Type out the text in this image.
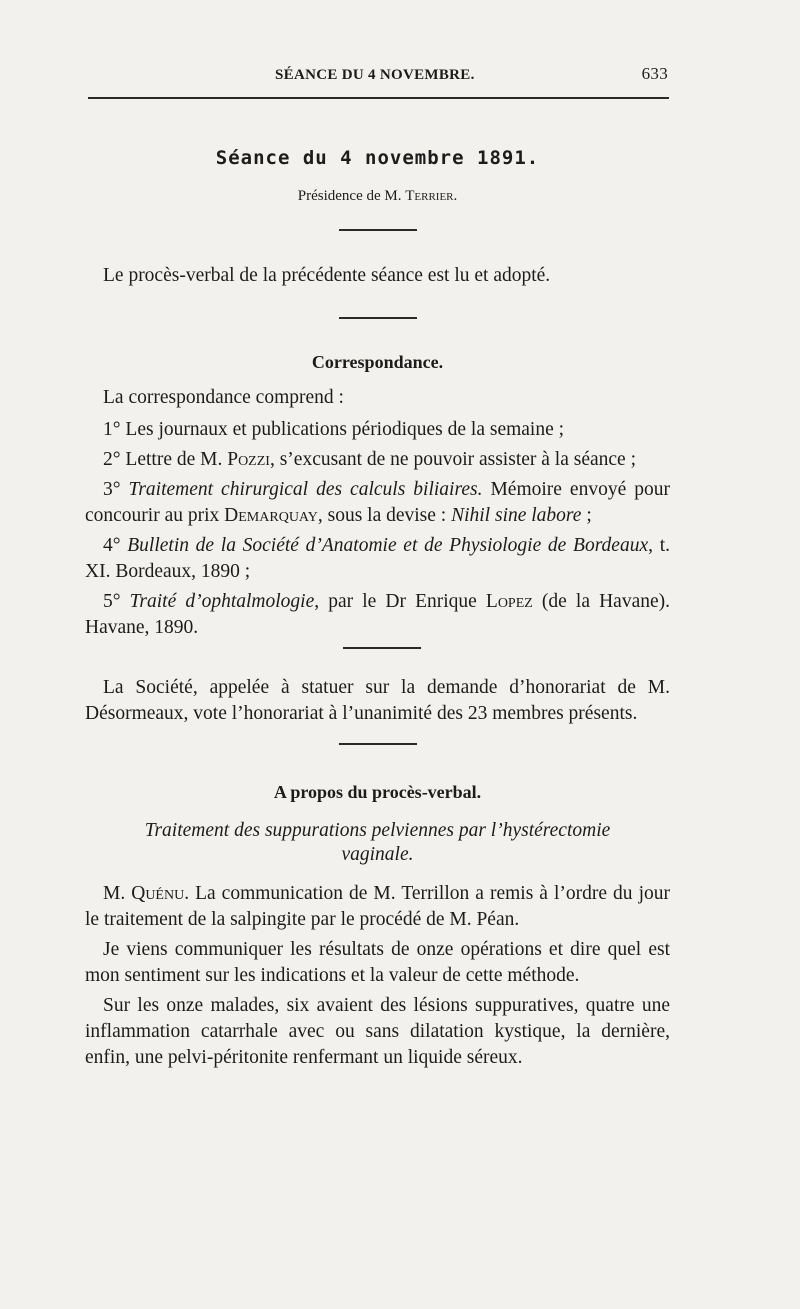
SÉANCE DU 4 NOVEMBRE.	633

Séance du 4 novembre 1891.

Présidence de M. Terrier.

Le procès-verbal de la précédente séance est lu et adopté.

Correspondance.

La correspondance comprend :

1° Les journaux et publications périodiques de la semaine ;

2° Lettre de M. Pozzi, s’excusant de ne pouvoir assister à la séance ;

3° Traitement chirurgical des calculs biliaires. Mémoire envoyé pour concourir au prix Demarquay, sous la devise : Nihil sine labore ;

4° Bulletin de la Société d’Anatomie et de Physiologie de Bordeaux, t. XI. Bordeaux, 1890 ;

5° Traité d’ophtalmologie, par le Dr Enrique Lopez (de la Havane). Havane, 1890.

La Société, appelée à statuer sur la demande d’honorariat de M. Désormeaux, vote l’honorariat à l’unanimité des 23 membres présents.

A propos du procès-verbal.

Traitement des suppurations pelviennes par l’hystérectomie vaginale.

M. Quénu. La communication de M. Terrillon a remis à l’ordre du jour le traitement de la salpingite par le procédé de M. Péan.

Je viens communiquer les résultats de onze opérations et dire quel est mon sentiment sur les indications et la valeur de cette méthode.

Sur les onze malades, six avaient des lésions suppuratives, quatre une inflammation catarrhale avec ou sans dilatation kystique, la dernière, enfin, une pelvi-péritonite renfermant un liquide séreux.
